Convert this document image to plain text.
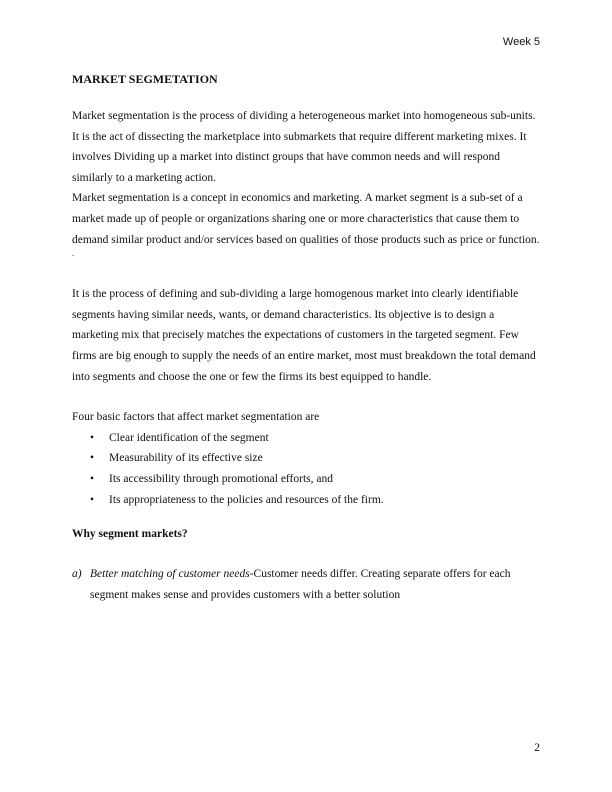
Week 5
MARKET SEGMETATION

Market segmentation is the process of dividing a heterogeneous market into homogeneous sub-units. It is the act of dissecting the marketplace into submarkets that require different marketing mixes. It involves Dividing up a market into distinct groups that have common needs and will respond similarly to a marketing action.

Market segmentation is a concept in economics and marketing. A market segment is a sub-set of a market made up of people or organizations sharing one or more characteristics that cause them to demand similar product and/or services based on qualities of those products such as price or function.

.

It is the process of defining and sub-dividing a large homogenous market into clearly identifiable segments having similar needs, wants, or demand characteristics. Its objective is to design a marketing mix that precisely matches the expectations of customers in the targeted segment. Few firms are big enough to supply the needs of an entire market, most must breakdown the total demand into segments and choose the one or few the firms its best equipped to handle.

Four basic factors that affect market segmentation are

• Clear identification of the segment
• Measurability of its effective size
• Its accessibility through promotional efforts, and
• Its appropriateness to the policies and resources of the firm.
Why segment markets?
a) Better matching of customer needs-Customer needs differ. Creating separate offers for each segment makes sense and provides customers with a better solution
2
